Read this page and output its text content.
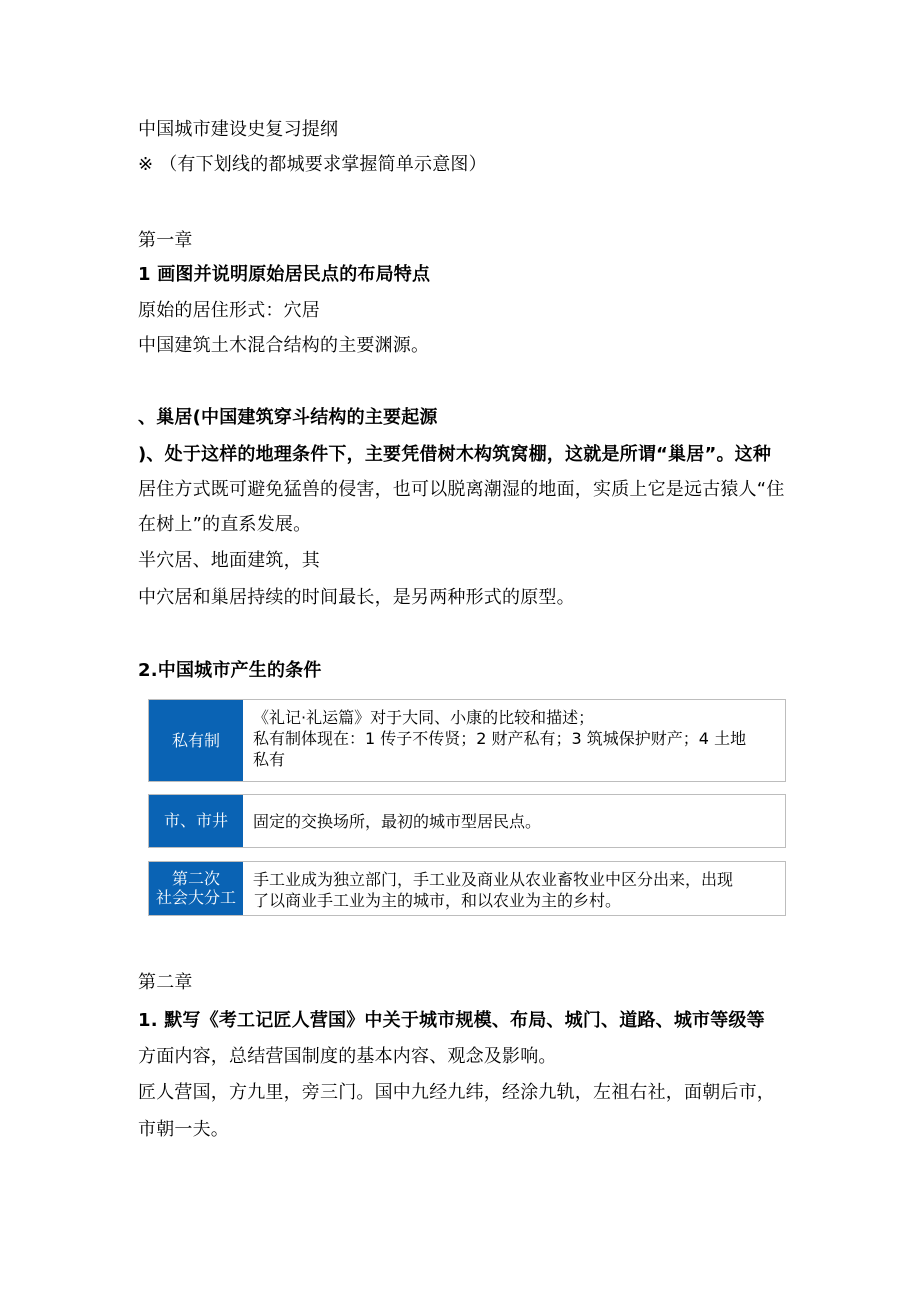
中国城市建设史复习提纲
※ （有下划线的都城要求掌握简单示意图）
第一章
1 画图并说明原始居民点的布局特点
原始的居住形式：穴居
中国建筑土木混合结构的主要渊源。
、巢居(中国建筑穿斗结构的主要起源
)、处于这样的地理条件下，主要凭借树木构筑窝棚，这就是所谓“巢居”。这种
居住方式既可避免猛兽的侵害，也可以脱离潮湿的地面，实质上它是远古猿人“住
在树上”的直系发展。
半穴居、地面建筑，其
中穴居和巢居持续的时间最长，是另两种形式的原型。
2.中国城市产生的条件
私有制
《礼记·礼运篇》对于大同、小康的比较和描述；
私有制体现在：1 传子不传贤；2 财产私有；3 筑城保护财产；4 土地
私有
市、市井	固定的交换场所，最初的城市型居民点。
第二次
社会大分工
手工业成为独立部门，手工业及商业从农业畜牧业中区分出来，出现
了以商业手工业为主的城市，和以农业为主的乡村。
第二章
1. 默写《考工记匠人营国》中关于城市规模、布局、城门、道路、城市等级等
方面内容，总结营国制度的基本内容、观念及影响。
匠人营国，方九里，旁三门。国中九经九纬，经涂九轨，左祖右社，面朝后市，
市朝一夫。
